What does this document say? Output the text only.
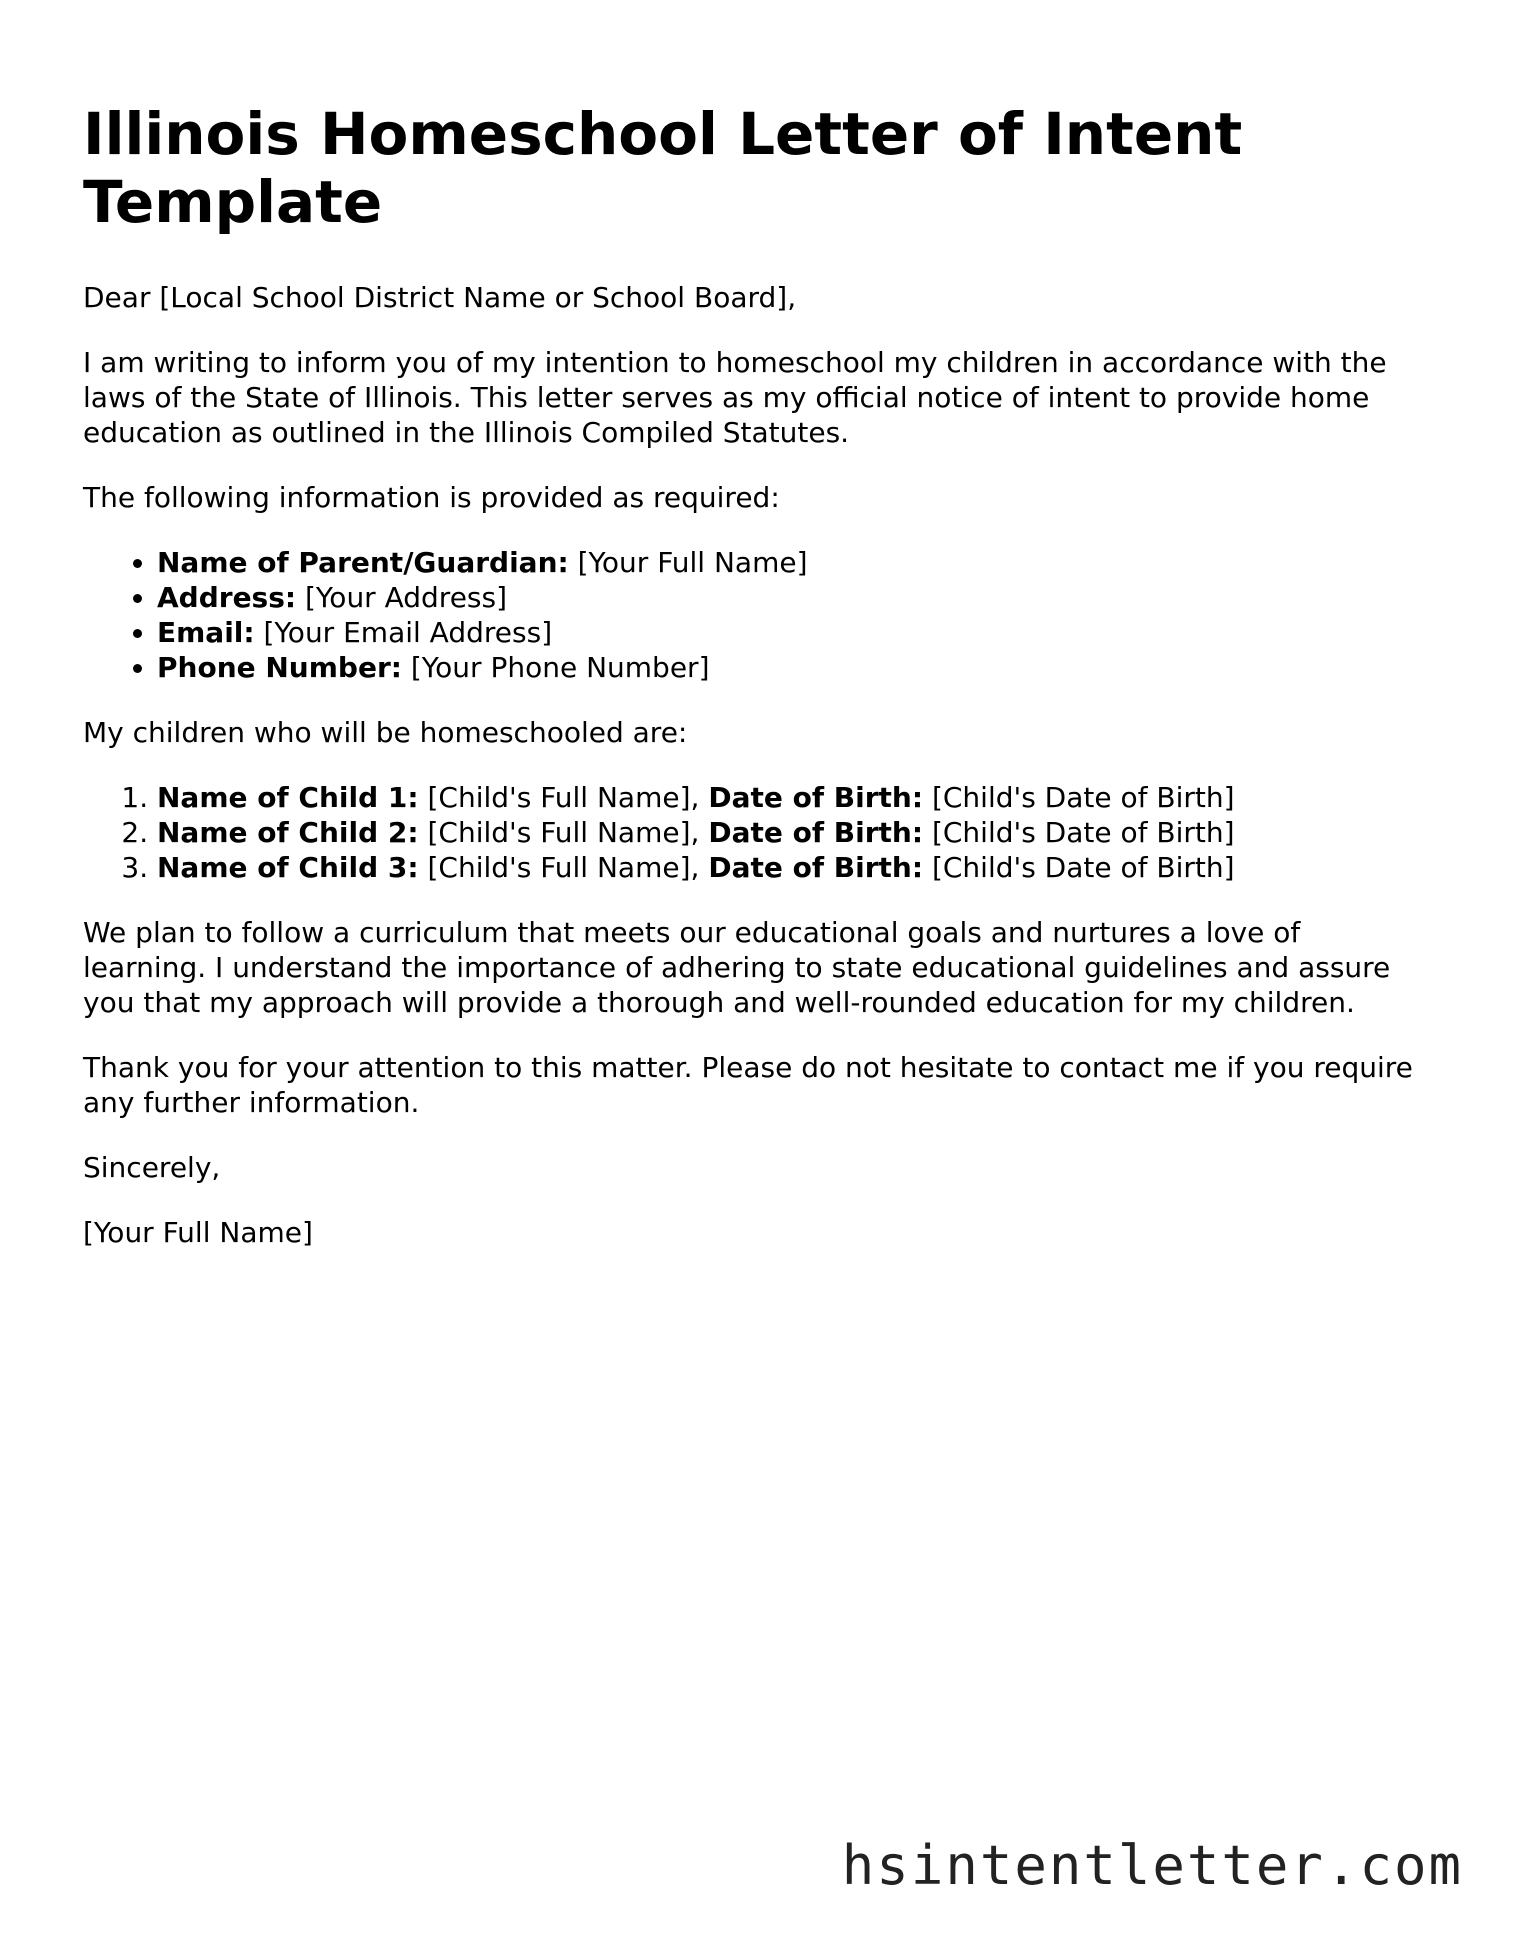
Illinois Homeschool Letter of Intent Template

Dear [Local School District Name or School Board],

I am writing to inform you of my intention to homeschool my children in accordance with the laws of the State of Illinois. This letter serves as my official notice of intent to provide home education as outlined in the Illinois Compiled Statutes.

The following information is provided as required:

• Name of Parent/Guardian: [Your Full Name]
• Address: [Your Address]
• Email: [Your Email Address]
• Phone Number: [Your Phone Number]

My children who will be homeschooled are:

1. Name of Child 1: [Child's Full Name], Date of Birth: [Child's Date of Birth]
2. Name of Child 2: [Child's Full Name], Date of Birth: [Child's Date of Birth]
3. Name of Child 3: [Child's Full Name], Date of Birth: [Child's Date of Birth]

We plan to follow a curriculum that meets our educational goals and nurtures a love of learning. I understand the importance of adhering to state educational guidelines and assure you that my approach will provide a thorough and well-rounded education for my children.

Thank you for your attention to this matter. Please do not hesitate to contact me if you require any further information.

Sincerely,

[Your Full Name]

hsintentletter.com
